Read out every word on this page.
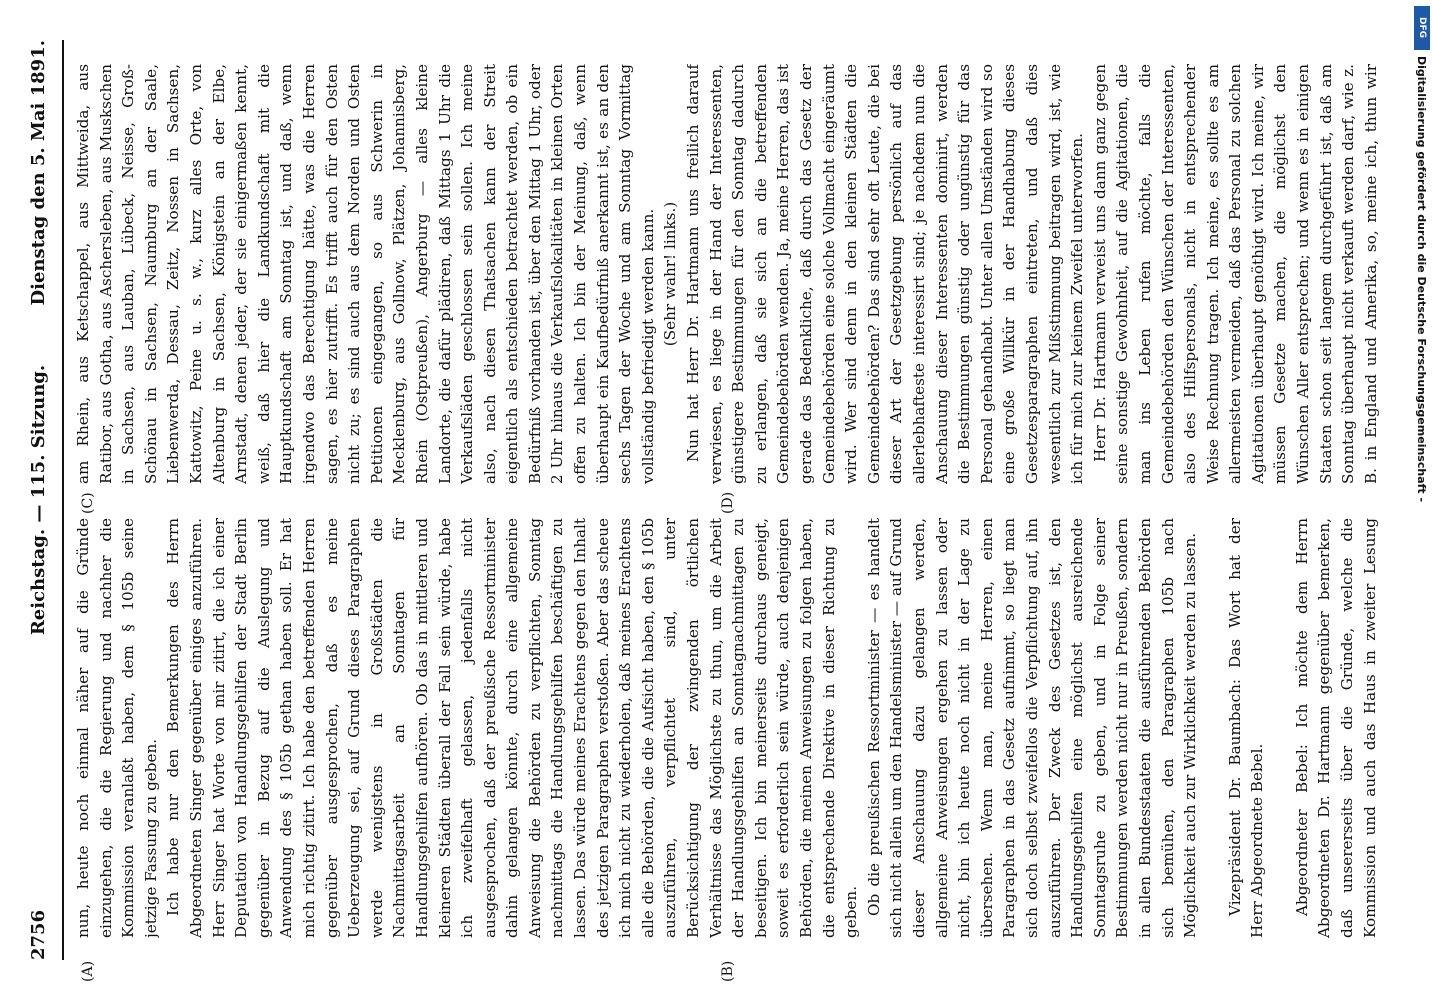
2756
Reichstag. — 115. Sitzung.
Dienstag den 5. Mai 1891.
(A)	(B)
(C)	(D)

nun, heute noch einmal näher auf die Gründe einzugehen, die die Regierung und nachher die Kommission veranlaßt haben, dem § 105b seine jetzige Fassung zu geben. Ich habe nur den Bemerkungen des Herrn Abgeordneten Singer gegenüber einiges anzuführen. Herr Singer hat Worte von mir zitirt, die ich einer Deputation von Handlungsgehilfen der Stadt Berlin gegenüber in Bezug auf die Auslegung und Anwendung des § 105b gethan haben soll. Er hat mich richtig zitirt. Ich habe den betreffenden Herren gegenüber ausgesprochen, daß es meine Ueberzeugung sei, auf Grund dieses Paragraphen werde wenigstens in Großstädten die Nachmittagsarbeit an Sonntagen für Handlungsgehilfen aufhören. Ob das in mittleren und kleineren Städten überall der Fall sein würde, habe ich zweifelhaft gelassen, jedenfalls nicht ausgesprochen, daß der preußische Ressortminister dahin gelangen könnte, durch eine allgemeine Anweisung die Behörden zu verpflichten, Sonntag nachmittags die Handlungsgehilfen beschäftigen zu lassen. Das würde meines Erachtens gegen den Inhalt des jetzigen Paragraphen verstoßen. Aber das scheue ich mich nicht zu wiederholen, daß meines Erachtens alle die Behörden, die die Aufsicht haben, den § 105b auszuführen, verpflichtet sind, unter Berücksichtigung der zwingenden örtlichen Verhältnisse das Möglichste zu thun, um die Arbeit der Handlungsgehilfen an Sonntagnachmittagen zu beseitigen. Ich bin meinerseits durchaus geneigt, soweit es erforderlich sein würde, auch denjenigen Behörden, die meinen Anweisungen zu folgen haben, die entsprechende Direktive in dieser Richtung zu geben. Ob die preußischen Ressortminister — es handelt sich nicht allein um den Handelsminister — auf Grund dieser Anschauung dazu gelangen werden, allgemeine Anweisungen ergehen zu lassen oder nicht, bin ich heute noch nicht in der Lage zu übersehen. Wenn man, meine Herren, einen Paragraphen in das Gesetz aufnimmt, so liegt man sich doch selbst zweifellos die Verpflichtung auf, ihn auszuführen. Der Zweck des Gesetzes ist, den Handlungsgehilfen eine möglichst ausreichende Sonntagsruhe zu geben, und in Folge seiner Bestimmungen werden nicht nur in Preußen, sondern in allen Bundesstaaten die ausführenden Behörden sich bemühen, den Paragraphen 105b nach Möglichkeit auch zur Wirklichkeit werden zu lassen. Vizepräsident Dr. Baumbach: Das Wort hat der Herr Abgeordnete Bebel. Abgeordneter Bebel: Ich möchte dem Herrn Abgeordneten Dr. Hartmann gegenüber bemerken, daß unsererseits über die Gründe, welche die Kommission und auch das Haus in zweiter Lesung

am Rhein, aus Ketschappel, aus Mittweida, aus Ratibor, aus Gotha, aus Aschersleben, aus Muskschen in Sachsen, aus Lauban, Lübeck, Neisse, Groß-Schönau in Sachsen, Naumburg an der Saale, Liebenwerda, Dessau, Zeitz, Nossen in Sachsen, Kattowitz, Peine u. s. w., kurz alles Orte, von Altenburg in Sachsen, Königstein an der Elbe, Arnstadt, denen jeder, der sie einigermaßen kennt, weiß, daß hier die Landkundschaft mit die Hauptkundschaft am Sonntag ist, und daß, wenn irgendwo das Berechtigung hätte, was die Herren sagen, es hier zutrifft. Es trifft auch für den Osten nicht zu; es sind auch aus dem Norden und Osten Petitionen eingegangen, so aus Schwerin in Mecklenburg, aus Gollnow, Plätzen, Johannisberg, Rhein (Ostpreußen), Angerburg — alles kleine Landorte, die dafür plädiren, daß Mittags 1 Uhr die Verkaufsläden geschlossen sein sollen. Ich meine also, nach diesen Thatsachen kann der Streit eigentlich als entschieden betrachtet werden, ob ein Bedürfniß vorhanden ist, über den Mittag 1 Uhr, oder 2 Uhr hinaus die Verkaufslokalitäten in kleinen Orten offen zu halten. Ich bin der Meinung, daß, wenn überhaupt ein Kaufbedürfniß anerkannt ist, es an den sechs Tagen der Woche und am Sonntag Vormittag vollständig befriedigt werden kann. (Sehr wahr! links.) Nun hat Herr Dr. Hartmann uns freilich darauf verwiesen, es liege in der Hand der Interessenten, günstigere Bestimmungen für den Sonntag dadurch zu erlangen, daß sie sich an die betreffenden Gemeindebehörden wenden. Ja, meine Herren, das ist gerade das Bedenkliche, daß durch das Gesetz der Gemeindebehörden eine solche Vollmacht eingeräumt wird. Wer sind denn in den kleinen Städten die Gemeindebehörden? Das sind sehr oft Leute, die bei dieser Art der Gesetzgebung persönlich auf das allerlebhafteste interessirt sind; je nachdem nun die Anschauung dieser Interessenten dominirt, werden die Bestimmungen günstig oder ungünstig für das Personal gehandhabt. Unter allen Umständen wird so eine große Willkür in der Handhabung dieses Gesetzesparagraphen eintreten, und daß dies wesentlich zur Mißstimmung beitragen wird, ist, wie ich für mich zur keinem Zweifel unterworfen. Herr Dr. Hartmann verweist uns dann ganz gegen seine sonstige Gewohnheit, auf die Agitationen, die man ins Leben rufen möchte, falls die Gemeindebehörden den Wünschen der Interessenten, also des Hilfspersonals, nicht in entsprechender Weise Rechnung tragen. Ich meine, es sollte es am allermeisten vermeiden, daß das Personal zu solchen Agitationen überhaupt genöthigt wird. Ich meine, wir müssen Gesetze machen, die möglichst den Wünschen Aller entsprechen; und wenn es in einigen Staaten schon seit langem durchgeführt ist, daß am Sonntag überhaupt nicht verkauft werden darf, wie z. B. in England und Amerika, so, meine ich, thun wir

DFG
Digitalisierung gefördert durch die Deutsche Forschungsgemeinschaft -
